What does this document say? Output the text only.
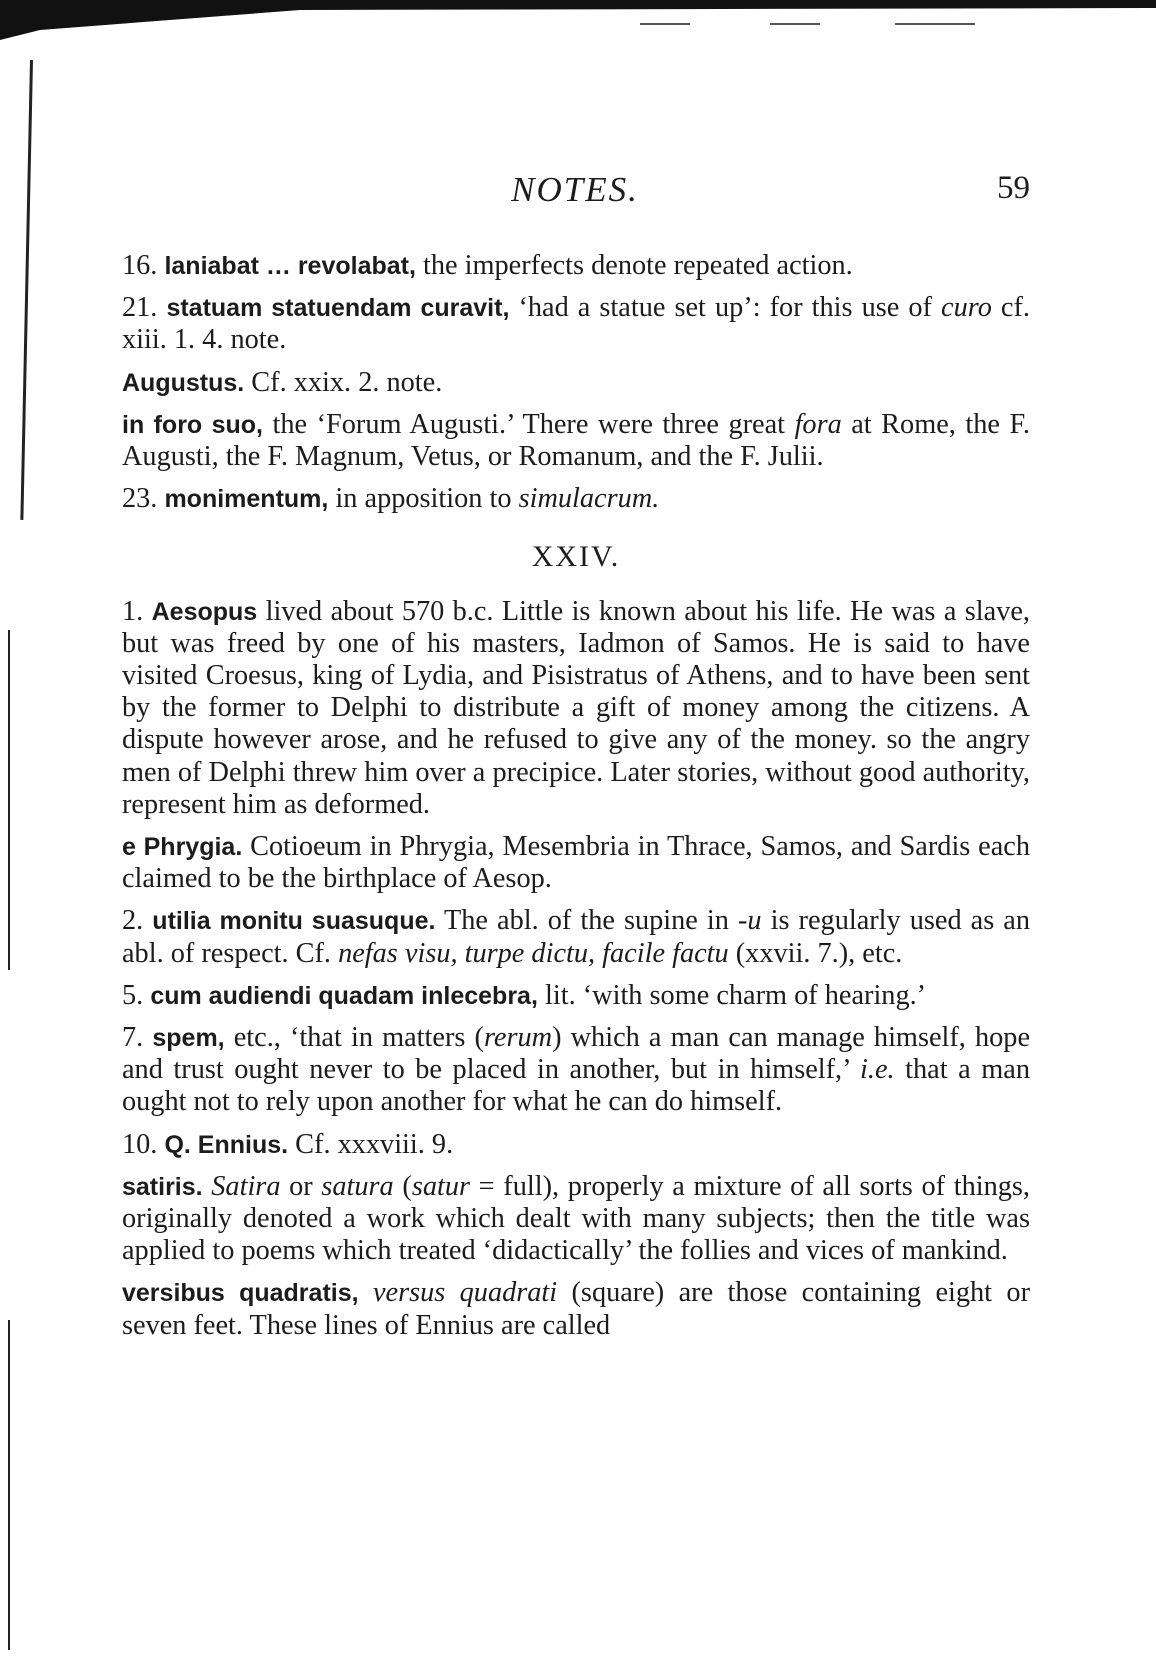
NOTES.	59

16. laniabat … revolabat, the imperfects denote repeated action.

21. statuam statuendam curavit, ‘had a statue set up’: for this use of curo cf. xiii. 1. 4. note.

Augustus. Cf. xxix. 2. note.

in foro suo, the ‘Forum Augusti.’ There were three great fora at Rome, the F. Augusti, the F. Magnum, Vetus, or Romanum, and the F. Julii.

23. monimentum, in apposition to simulacrum.

XXIV.

1. Aesopus lived about 570 b.c. Little is known about his life. He was a slave, but was freed by one of his masters, Iadmon of Samos. He is said to have visited Croesus, king of Lydia, and Pisistratus of Athens, and to have been sent by the former to Delphi to distribute a gift of money among the citizens. A dispute however arose, and he refused to give any of the money. so the angry men of Delphi threw him over a precipice. Later stories, without good authority, represent him as deformed.

e Phrygia. Cotioeum in Phrygia, Mesembria in Thrace, Samos, and Sardis each claimed to be the birthplace of Aesop.

2. utilia monitu suasuque. The abl. of the supine in -u is regularly used as an abl. of respect. Cf. nefas visu, turpe dictu, facile factu (xxvii. 7.), etc.

5. cum audiendi quadam inlecebra, lit. ‘with some charm of hearing.’

7. spem, etc., ‘that in matters (rerum) which a man can manage himself, hope and trust ought never to be placed in another, but in himself,’ i.e. that a man ought not to rely upon another for what he can do himself.

10. Q. Ennius. Cf. xxxviii. 9.

satiris. Satira or satura (satur = full), properly a mixture of all sorts of things, originally denoted a work which dealt with many subjects; then the title was applied to poems which treated ‘didactically’ the follies and vices of mankind.

versibus quadratis, versus quadrati (square) are those containing eight or seven feet. These lines of Ennius are called
